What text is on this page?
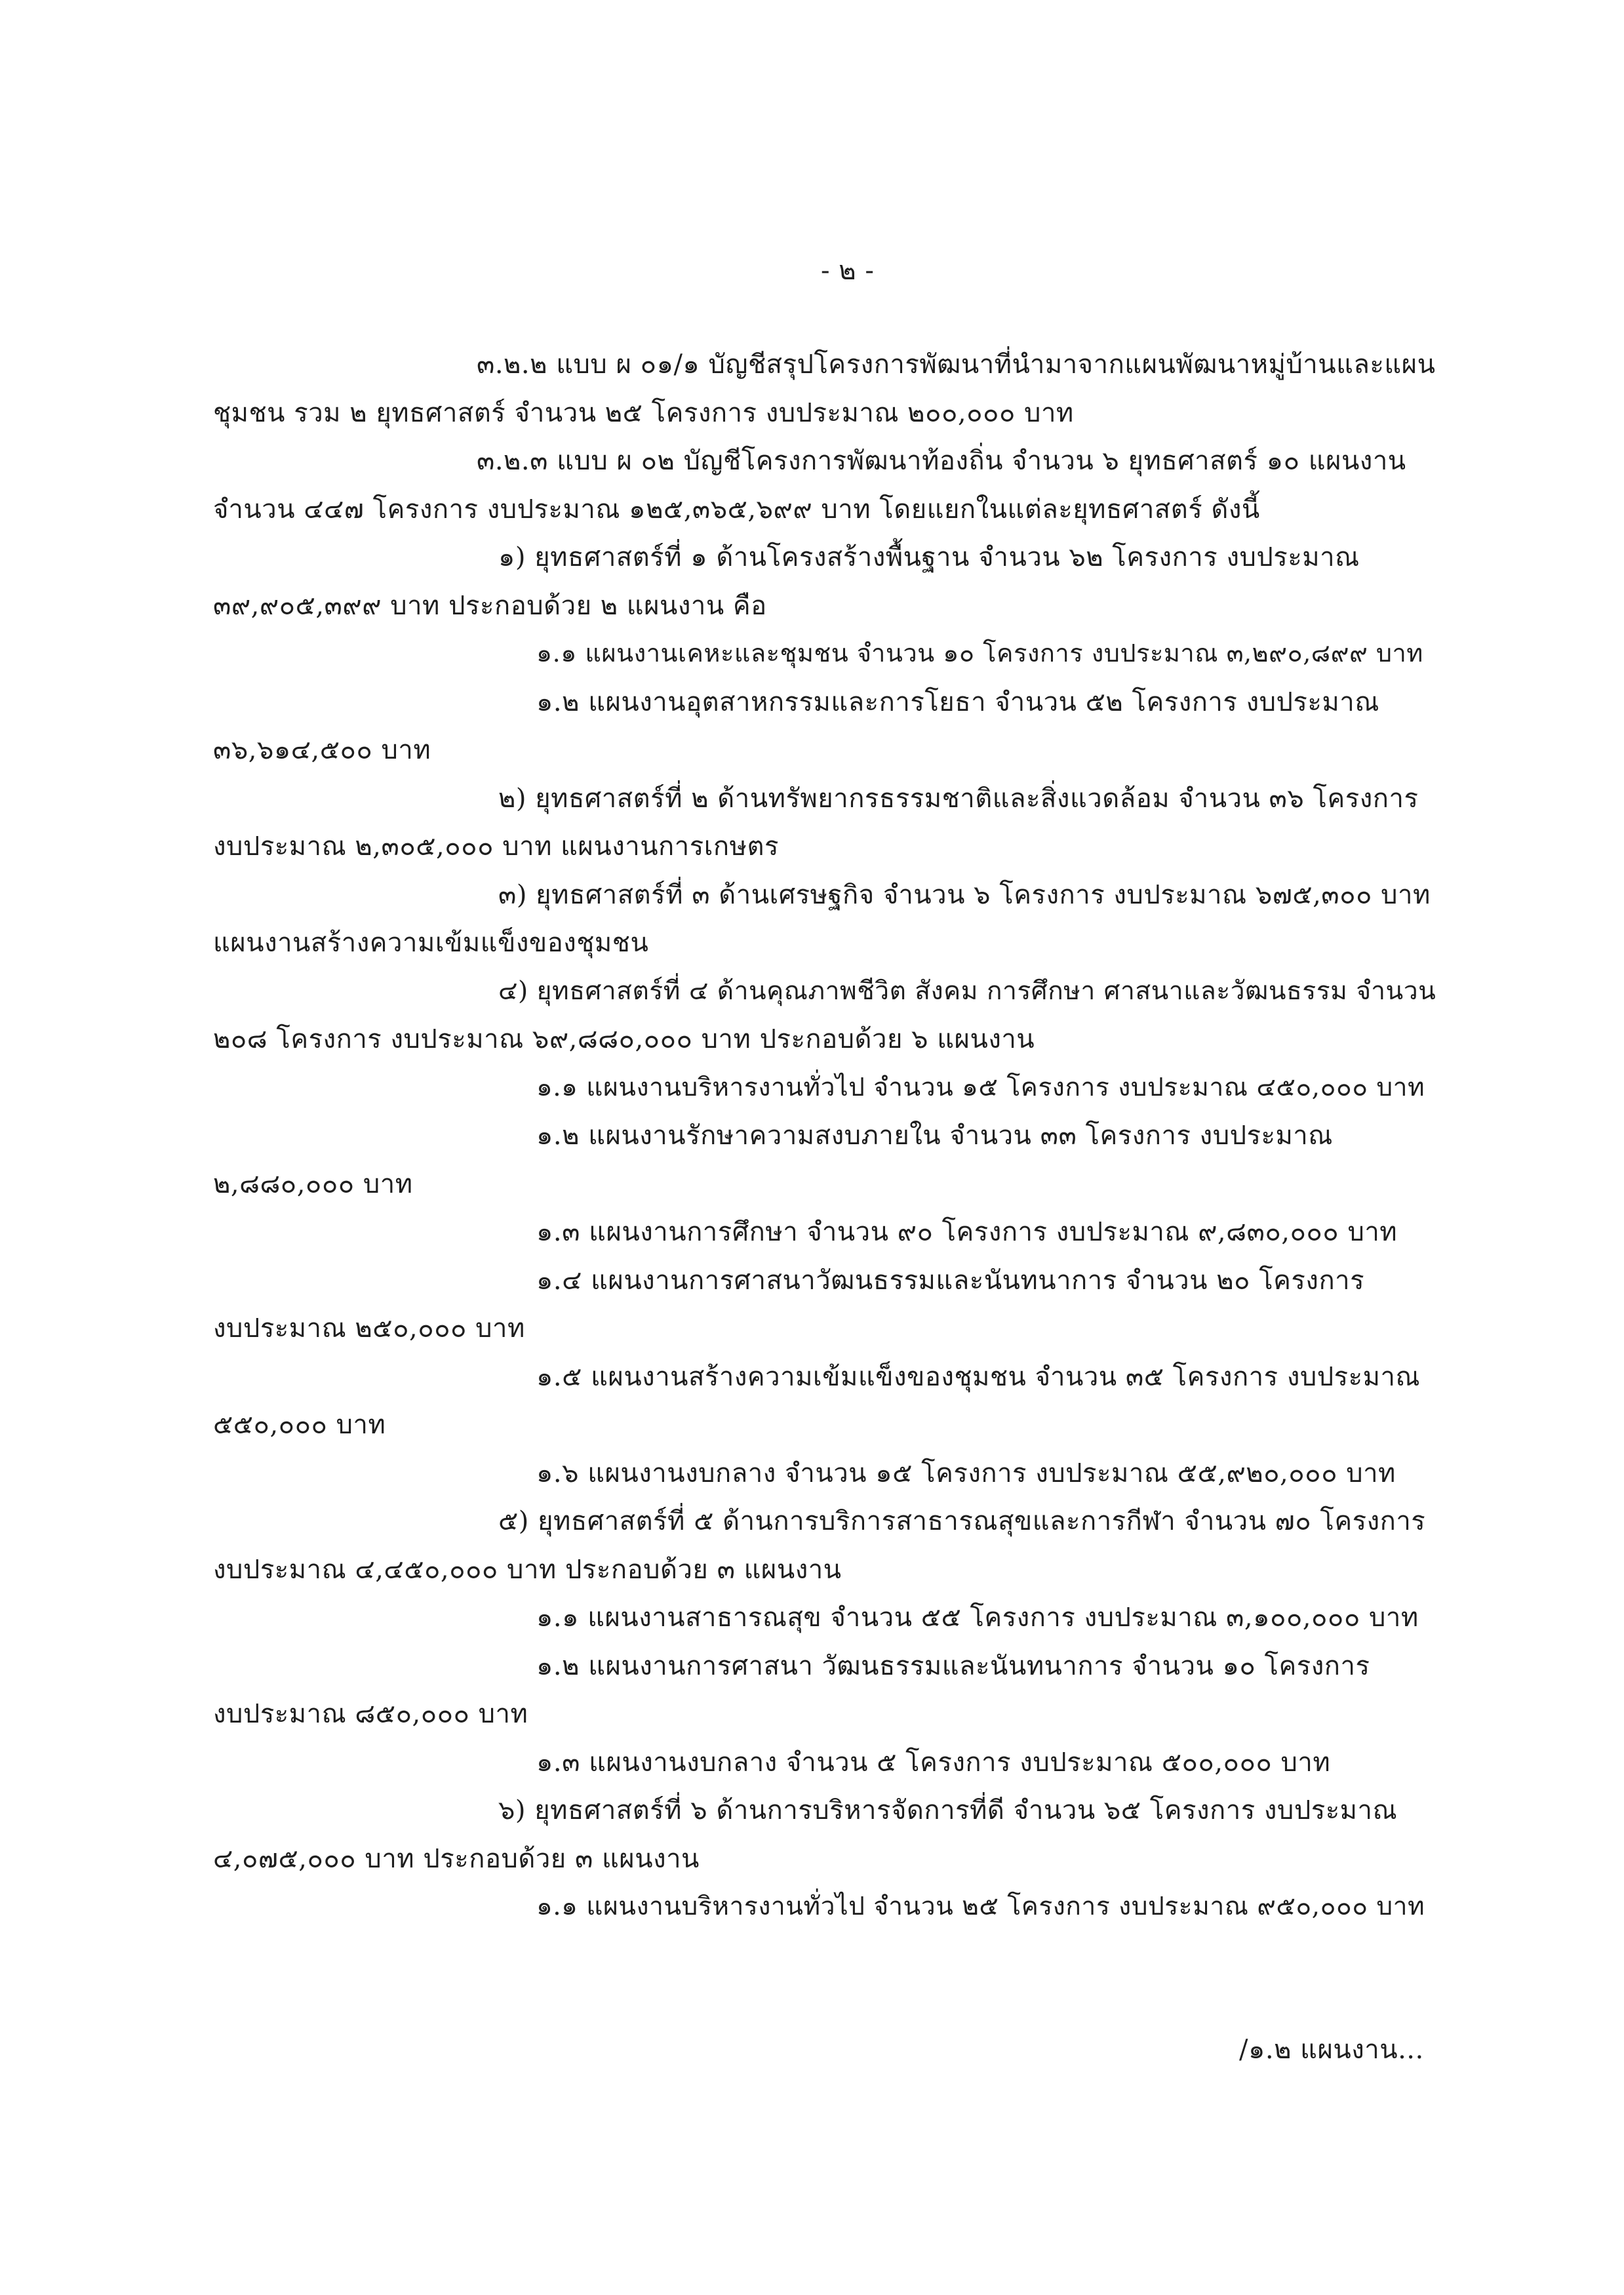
- ๒ -

๓.๒.๒ แบบ ผ ๐๑/๑ บัญชีสรุปโครงการพัฒนาที่นำมาจากแผนพัฒนาหมู่บ้านและแผน

ชุมชน รวม ๒ ยุทธศาสตร์ จำนวน ๒๕ โครงการ งบประมาณ ๒๐๐,๐๐๐ บาท

๓.๒.๓ แบบ ผ ๐๒ บัญชีโครงการพัฒนาท้องถิ่น จำนวน ๖ ยุทธศาสตร์ ๑๐ แผนงาน

จำนวน ๔๔๗ โครงการ งบประมาณ ๑๒๕,๓๖๕,๖๙๙ บาท โดยแยกในแต่ละยุทธศาสตร์ ดังนี้

๑) ยุทธศาสตร์ที่ ๑ ด้านโครงสร้างพื้นฐาน จำนวน ๖๒ โครงการ งบประมาณ

๓๙,๙๐๕,๓๙๙ บาท ประกอบด้วย ๒ แผนงาน คือ

๑.๑ แผนงานเคหะและชุมชน จำนวน ๑๐ โครงการ งบประมาณ ๓,๒๙๐,๘๙๙ บาท

๑.๒ แผนงานอุตสาหกรรมและการโยธา จำนวน ๕๒ โครงการ งบประมาณ

๓๖,๖๑๔,๕๐๐ บาท

๒) ยุทธศาสตร์ที่ ๒ ด้านทรัพยากรธรรมชาติและสิ่งแวดล้อม จำนวน ๓๖ โครงการ

งบประมาณ ๒,๓๐๕,๐๐๐ บาท แผนงานการเกษตร

๓) ยุทธศาสตร์ที่ ๓ ด้านเศรษฐกิจ จำนวน ๖ โครงการ งบประมาณ ๖๗๕,๓๐๐ บาท

แผนงานสร้างความเข้มแข็งของชุมชน

๔) ยุทธศาสตร์ที่ ๔ ด้านคุณภาพชีวิต สังคม การศึกษา ศาสนาและวัฒนธรรม จำนวน

๒๐๘ โครงการ งบประมาณ ๖๙,๘๘๐,๐๐๐ บาท ประกอบด้วย ๖ แผนงาน

๑.๑ แผนงานบริหารงานทั่วไป จำนวน ๑๕ โครงการ งบประมาณ ๔๕๐,๐๐๐ บาท

๑.๒ แผนงานรักษาความสงบภายใน จำนวน ๓๓ โครงการ งบประมาณ

๒,๘๘๐,๐๐๐ บาท

๑.๓ แผนงานการศึกษา จำนวน ๙๐ โครงการ งบประมาณ ๙,๘๓๐,๐๐๐ บาท

๑.๔ แผนงานการศาสนาวัฒนธรรมและนันทนาการ จำนวน ๒๐ โครงการ

งบประมาณ ๒๕๐,๐๐๐ บาท

๑.๕ แผนงานสร้างความเข้มแข็งของชุมชน จำนวน ๓๕ โครงการ งบประมาณ

๕๕๐,๐๐๐ บาท

๑.๖ แผนงานงบกลาง จำนวน ๑๕ โครงการ งบประมาณ ๕๕,๙๒๐,๐๐๐ บาท

๕) ยุทธศาสตร์ที่ ๕ ด้านการบริการสาธารณสุขและการกีฬา จำนวน ๗๐ โครงการ

งบประมาณ ๔,๔๕๐,๐๐๐ บาท ประกอบด้วย ๓ แผนงาน

๑.๑ แผนงานสาธารณสุข จำนวน ๕๕ โครงการ งบประมาณ ๓,๑๐๐,๐๐๐ บาท

๑.๒ แผนงานการศาสนา วัฒนธรรมและนันทนาการ จำนวน ๑๐ โครงการ

งบประมาณ ๘๕๐,๐๐๐ บาท

๑.๓ แผนงานงบกลาง จำนวน ๕ โครงการ งบประมาณ ๕๐๐,๐๐๐ บาท

๖) ยุทธศาสตร์ที่ ๖ ด้านการบริหารจัดการที่ดี จำนวน ๖๕ โครงการ งบประมาณ

๔,๐๗๕,๐๐๐ บาท ประกอบด้วย ๓ แผนงาน

๑.๑ แผนงานบริหารงานทั่วไป จำนวน ๒๕ โครงการ งบประมาณ ๙๕๐,๐๐๐ บาท

/๑.๒ แผนงาน...
